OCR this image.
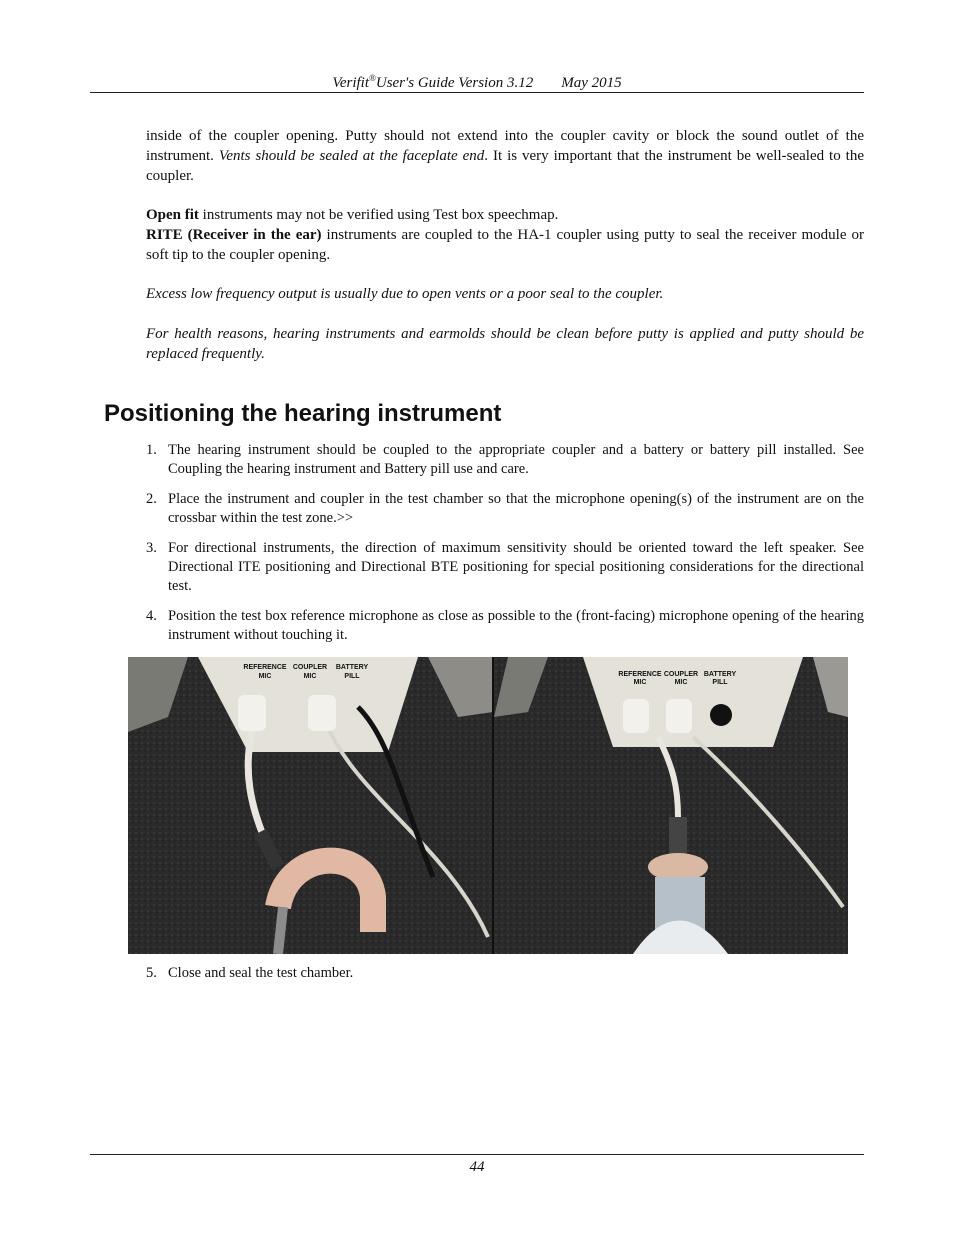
Verifit®User's Guide Version 3.12 May 2015
inside of the coupler opening. Putty should not extend into the coupler cavity or block the sound outlet of the instrument. Vents should be sealed at the faceplate end. It is very important that the instrument be well-sealed to the coupler.
Open fit instruments may not be verified using Test box speechmap.
RITE (Receiver in the ear) instruments are coupled to the HA-1 coupler using putty to seal the receiver module or soft tip to the coupler opening.
Excess low frequency output is usually due to open vents or a poor seal to the coupler.
For health reasons, hearing instruments and earmolds should be clean before putty is applied and putty should be replaced frequently.
Positioning the hearing instrument
1. The hearing instrument should be coupled to the appropriate coupler and a battery or battery pill installed. See Coupling the hearing instrument and Battery pill use and care.
2. Place the instrument and coupler in the test chamber so that the microphone opening(s) of the instrument are on the crossbar within the test zone.>>
3. For directional instruments, the direction of maximum sensitivity should be oriented toward the left speaker. See Directional ITE positioning and Directional BTE positioning for special positioning considerations for the directional test.
4. Position the test box reference microphone as close as possible to the (front-facing) microphone opening of the hearing instrument without touching it.
REFERENCE
MIC
COUPLER
MIC
BATTERY
PILL	REFERENCE
MIC
COUPLER
MIC
BATTERY
PILL
5. Close and seal the test chamber.
44
